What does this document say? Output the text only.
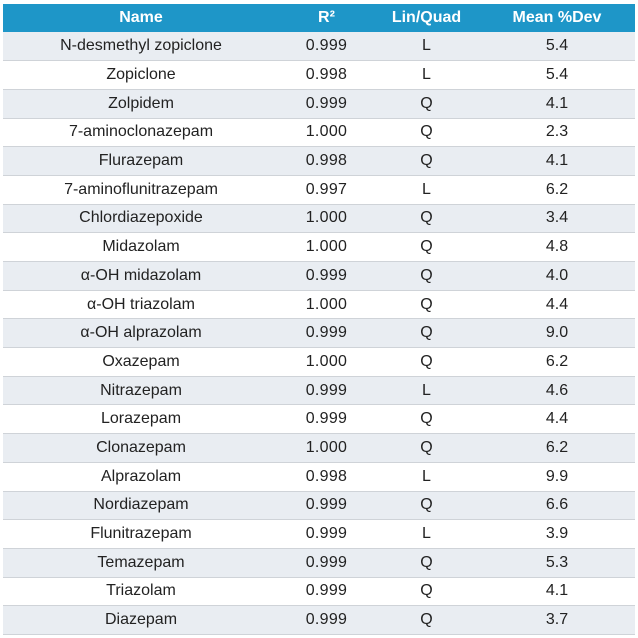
Name	R²	Lin/Quad	Mean %Dev
N-desmethyl zopiclone	0.999	L	5.4
Zopiclone	0.998	L	5.4
Zolpidem	0.999	Q	4.1
7-aminoclonazepam	1.000	Q	2.3
Flurazepam	0.998	Q	4.1
7-aminoflunitrazepam	0.997	L	6.2
Chlordiazepoxide	1.000	Q	3.4
Midazolam	1.000	Q	4.8
α-OH midazolam	0.999	Q	4.0
α-OH triazolam	1.000	Q	4.4
α-OH alprazolam	0.999	Q	9.0
Oxazepam	1.000	Q	6.2
Nitrazepam	0.999	L	4.6
Lorazepam	0.999	Q	4.4
Clonazepam	1.000	Q	6.2
Alprazolam	0.998	L	9.9
Nordiazepam	0.999	Q	6.6
Flunitrazepam	0.999	L	3.9
Temazepam	0.999	Q	5.3
Triazolam	0.999	Q	4.1
Diazepam	0.999	Q	3.7
